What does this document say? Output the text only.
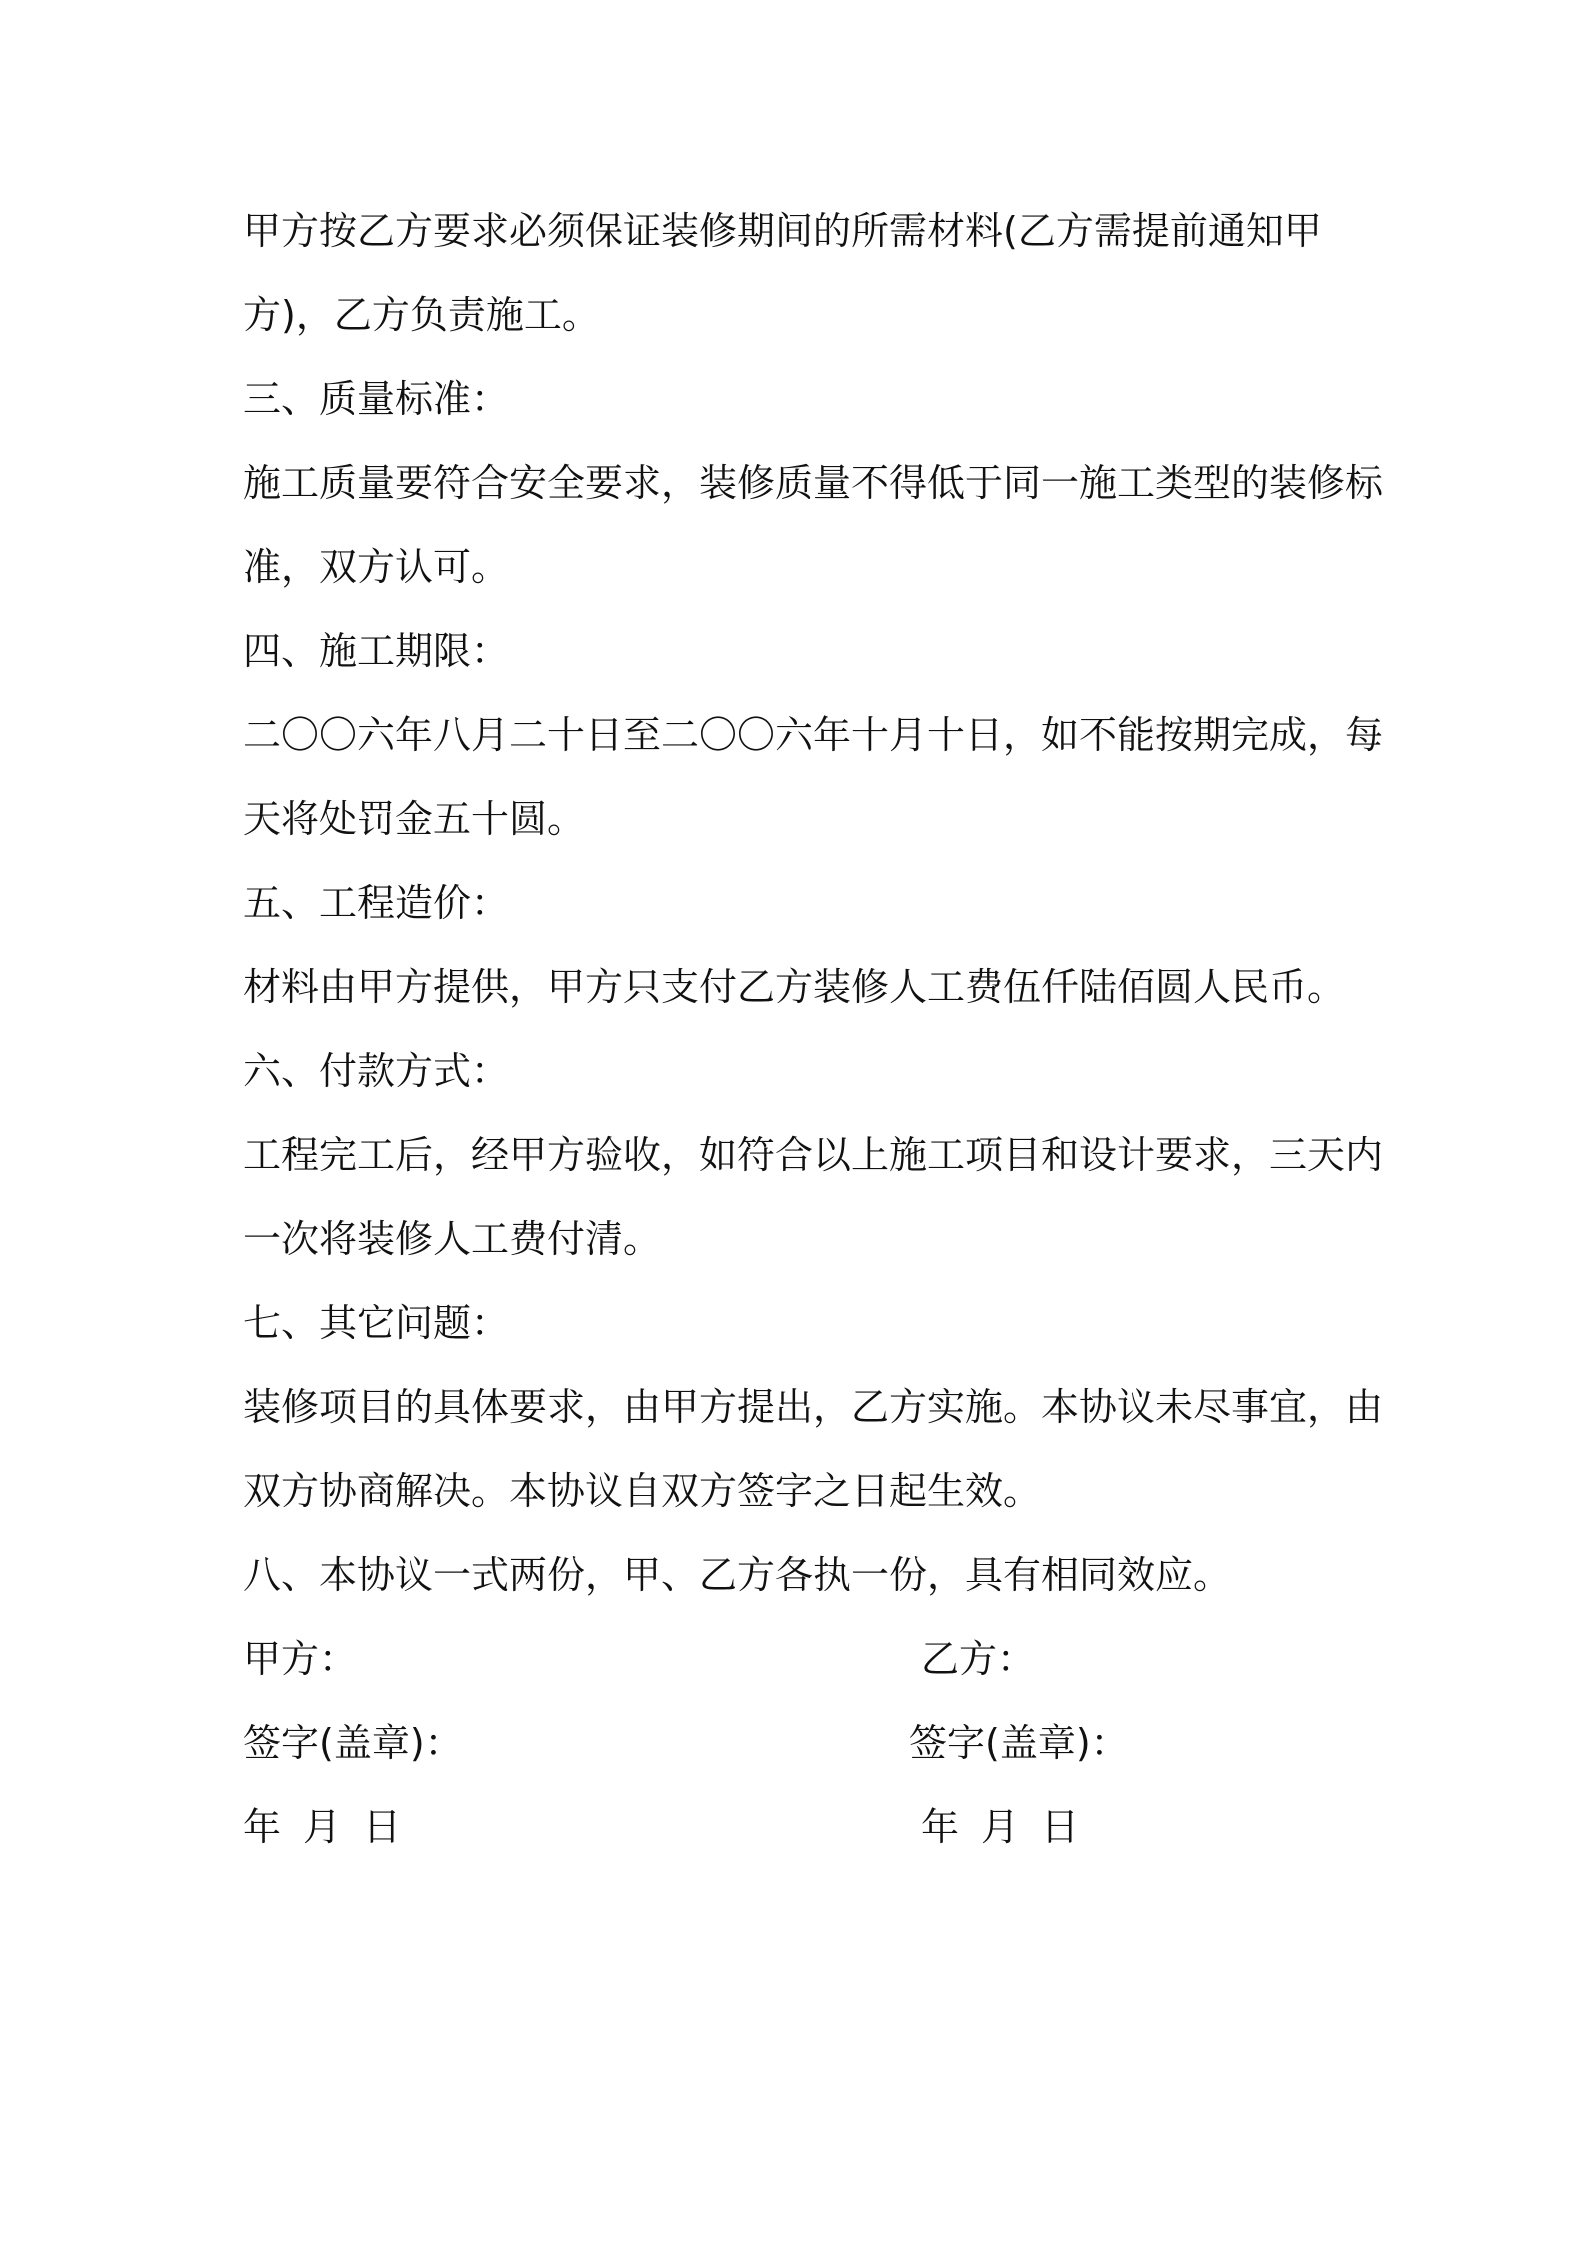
甲方按乙方要求必须保证装修期间的所需材料(乙方需提前通知甲
方)，乙方负责施工。
三、质量标准：
施工质量要符合安全要求，装修质量不得低于同一施工类型的装修标
准，双方认可。
四、施工期限：
二〇〇六年八月二十日至二〇〇六年十月十日，如不能按期完成，每
天将处罚金五十圆。
五、工程造价：
材料由甲方提供，甲方只支付乙方装修人工费伍仟陆佰圆人民币。
六、付款方式：
工程完工后，经甲方验收，如符合以上施工项目和设计要求，三天内
一次将装修人工费付清。
七、其它问题：
装修项目的具体要求，由甲方提出，乙方实施。本协议未尽事宜，由
双方协商解决。本协议自双方签字之日起生效。
八、本协议一式两份，甲、乙方各执一份，具有相同效应。
甲方：	乙方：
签字(盖章)：	签字(盖章)：
年 月 日	年 月 日
